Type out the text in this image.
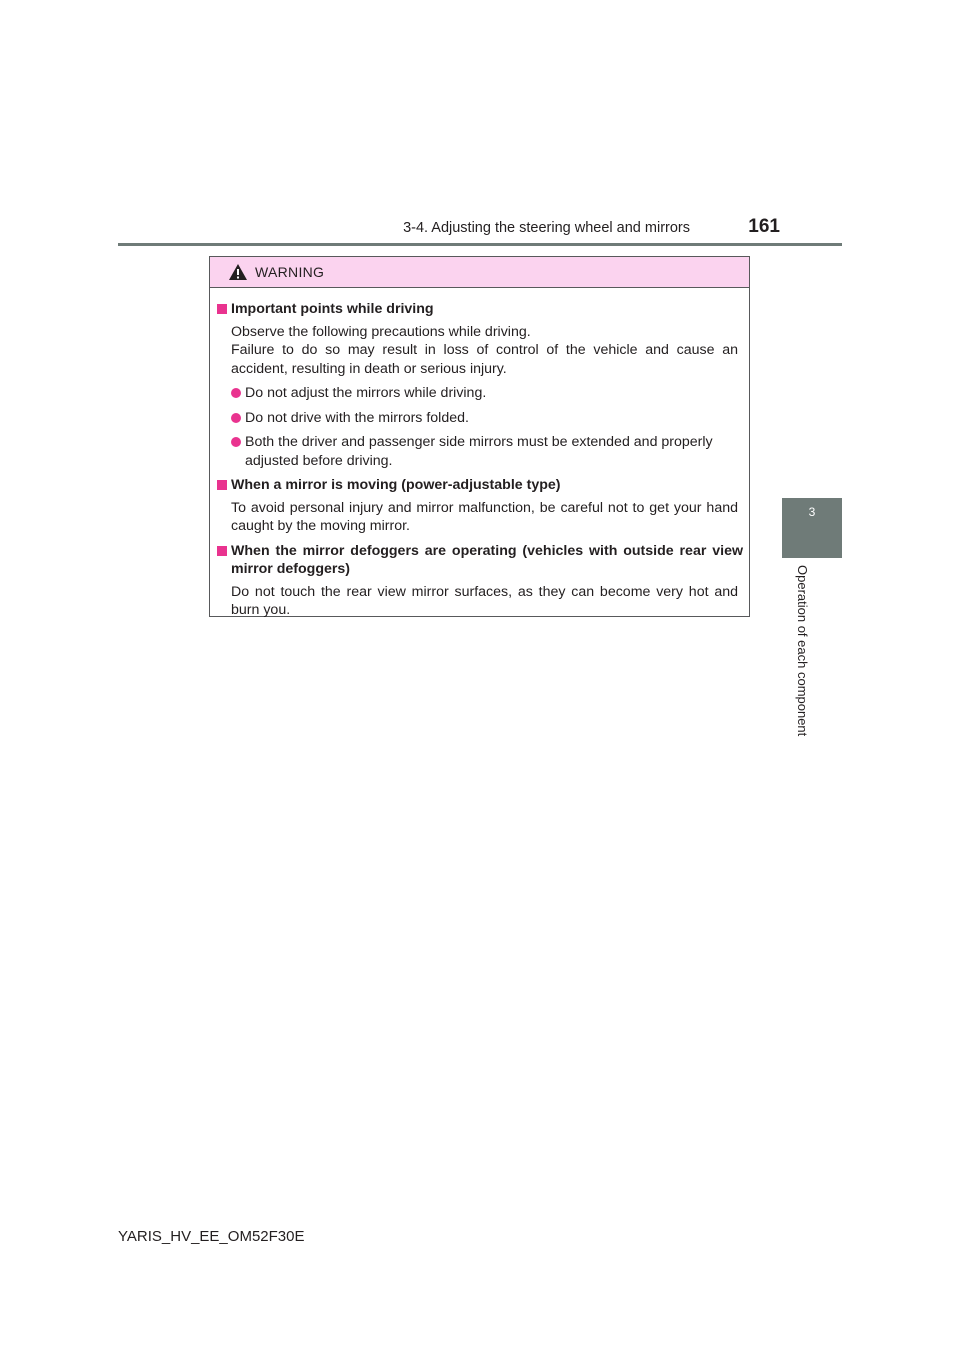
3-4. Adjusting the steering wheel and mirrors	161
3
Operation of each component
WARNING
Important points while driving

Observe the following precautions while driving.

Failure to do so may result in loss of control of the vehicle and cause an accident, resulting in death or serious injury.

Do not adjust the mirrors while driving.
Do not drive with the mirrors folded.
Both the driver and passenger side mirrors must be extended and properly adjusted before driving.
When a mirror is moving (power-adjustable type)

To avoid personal injury and mirror malfunction, be careful not to get your hand caught by the moving mirror.

When the mirror defoggers are operating (vehicles with outside rear view mirror defoggers)

Do not touch the rear view mirror surfaces, as they can become very hot and burn you.

YARIS_HV_EE_OM52F30E
